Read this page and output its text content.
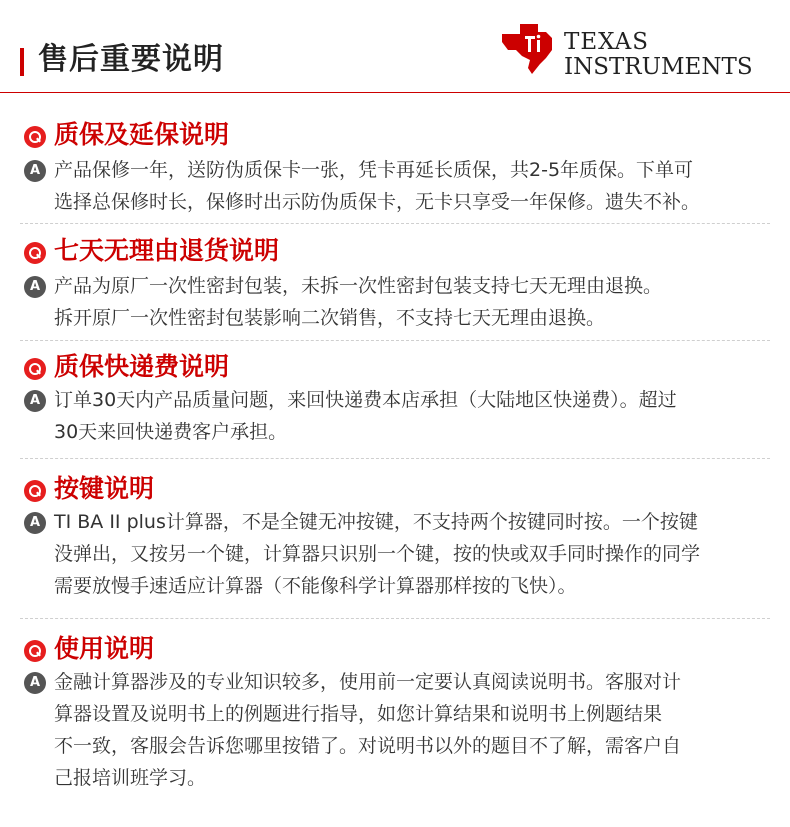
售后重要说明	TEXAS
INSTRUMENTS
质保及延保说明
A 产品保修一年，送防伪质保卡一张，凭卡再延长质保，共2-5年质保。下单可
选择总保修时长，保修时出示防伪质保卡，无卡只享受一年保修。遗失不补。
七天无理由退货说明
A 产品为原厂一次性密封包装，未拆一次性密封包装支持七天无理由退换。
拆开原厂一次性密封包装影响二次销售，不支持七天无理由退换。
质保快递费说明
A 订单30天内产品质量问题，来回快递费本店承担（大陆地区快递费）。超过
30天来回快递费客户承担。
按键说明
A TI BA II plus计算器，不是全键无冲按键，不支持两个按键同时按。一个按键
没弹出，又按另一个键，计算器只识别一个键，按的快或双手同时操作的同学
需要放慢手速适应计算器（不能像科学计算器那样按的飞快）。
使用说明
A 金融计算器涉及的专业知识较多，使用前一定要认真阅读说明书。客服对计
算器设置及说明书上的例题进行指导，如您计算结果和说明书上例题结果
不一致，客服会告诉您哪里按错了。对说明书以外的题目不了解，需客户自
己报培训班学习。
